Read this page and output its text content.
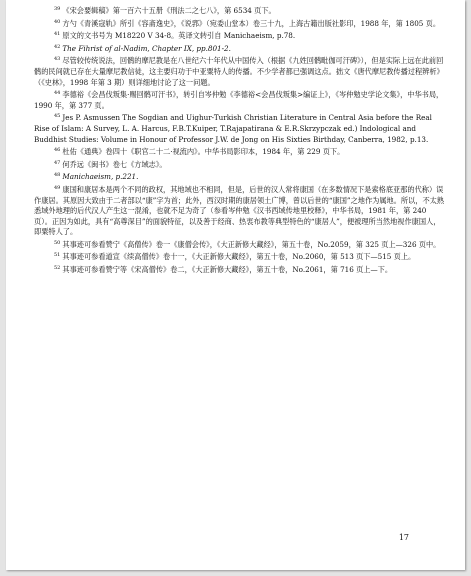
$^{39}$ 《宋会要辑稿》第一百六十五册《刑法二之七八》，第 6534 页下。

$^{40}$ 方勺《青溪寇轨》所引《容斋逸史》，《说郛》（宛委山堂本）卷三十九，上海古籍出版社影印，1988 年，第 1805 页。

$^{41}$ 原文的文书号为 M18220 V 34-8。英译文转引自 Manichaeism, p.78.

$^{42}$ The Fihrist of al-Nadim, Chapter IX, pp.801-2.

$^{43}$ 尽管较传统说法，回鹘的摩尼教是在八世纪六十年代从中国传入（根据《九姓回鹘毗伽可汗碑》），但是实际上远在此前回鹘的民间就已存在大量摩尼教信徒，这主要归功于中亚粟特人的传播。不少学者都已强调这点。拙文《唐代摩尼教传播过程辨析》（《史林》，1998 年第 3 期）则详细地讨论了这一问题。

$^{44}$ 李德裕《会昌伐叛集·赐回鹘可汗书》，转引自岑仲勉《李德裕<会昌伐叛集>编证上》，《岑仲勉史学论文集》，中华书局，1990 年，第 377 页。

$^{45}$ Jes P. Asmussen The Sogdian and Uighur-Turkish Christian Literature in Central Asia before the Real Rise of Islam: A Survey, L. A. Harcus, F.B.T.Kuiper, T.Rajapatirana & E.R.Skrzypczak ed.) Indological and Buddhist Studies: Volume in Honour of Professor J.W. de Jong on His Sixties Birthday, Canberra, 1982, p.13.

$^{46}$ 杜佑《通典》卷四十《职官二十二·视流内》。中华书局影印本，1984 年，第 229 页下。

$^{47}$ 何乔远《闽书》卷七《方域志》。

$^{48}$ Manichaeism, p.221.

$^{49}$ 康国和康居本是两个不同的政权，其地域也不相同，但是，后世的汉人常将康国（在多数情况下是索格底亚那的代称）误作康居。其原因大致由于二者部以“康”字为首；此外，西汉时期的康居领土广博，曾以后世的“康国”之地作为属地。所以，不太熟悉域外地理的后代汉人产生这一混淆，也就不足为奇了（参看岑仲勉《汉书西域传地里校释》，中华书局，1981 年，第 240 页）。正因为如此，具有“高尊深目”的面貌特征，以及善于经商、热衷布教等典型特色的“康居人”，便被理所当然地视作康国人，即粟特人了。

$^{50}$ 其事迹可参看赞宁《高僧传》卷一《康僧会传》，《大正新修大藏经》，第五十卷，No.2059，第 325 页上—326 页中。

$^{51}$ 其事迹可参看道宣《续高僧传》卷十一，《大正新修大藏经》，第五十卷，No.2060，第 513 页下—515 页上。

$^{52}$ 其事迹可参看赞宁等《宋高僧传》卷二，《大正新修大藏经》，第五十卷，No.2061，第 716 页上—下。

17
